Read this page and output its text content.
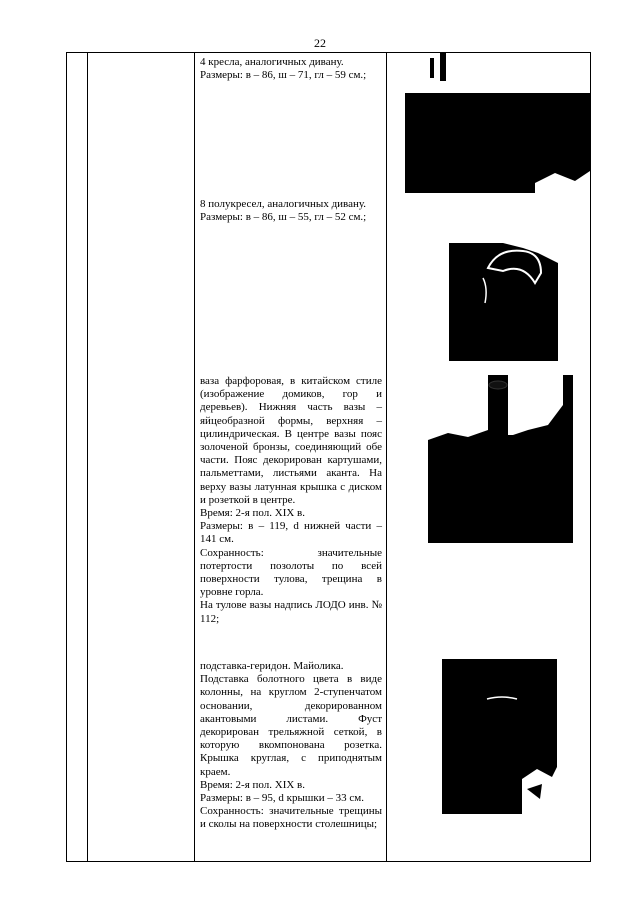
22

4 кресла, аналогичных дивану.

Размеры: в – 86, ш – 71, гл – 59 см.;

8 полукресел, аналогичных дивану.

Размеры: в – 86, ш – 55, гл – 52 см.;

ваза фарфоровая, в китайском стиле (изображение домиков, гор и деревьев). Нижняя часть вазы – яйцеобразной формы, верхняя – цилиндрическая. В центре вазы пояс золоченой бронзы, соединяющий обе части. Пояс декорирован картушами, пальметтами, листьями аканта. На верху вазы латунная крышка с диском и розеткой в центре.

Время: 2-я пол. XIX в.

Размеры: в – 119, d нижней части – 141 см.

Сохранность: значительные потертости позолоты по всей поверхности тулова, трещина в уровне горла.

На тулове вазы надпись ЛОДО инв. № 112;

подставка-геридон. Майолика.

Подставка болотного цвета в виде колонны, на круглом 2-ступенчатом основании, декорированном акантовыми листами. Фуст декорирован трельяжной сеткой, в которую вкомпонована розетка. Крышка круглая, с приподнятым краем.

Время: 2-я пол. XIX в.

Размеры: в – 95, d крышки – 33 см.

Сохранность: значительные трещины и сколы на поверхности столешницы;
